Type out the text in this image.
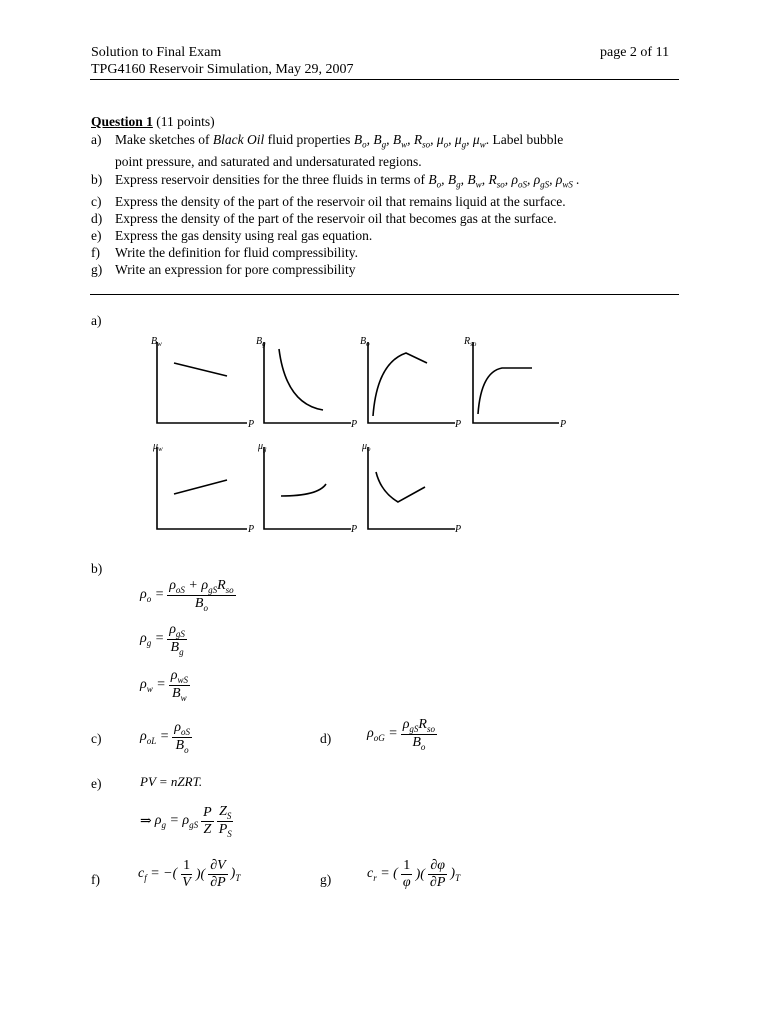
Solution to Final Exam
TPG4160 Reservoir Simulation, May 29, 2007
page 2 of 11
Question 1 (11 points)
a) Make sketches of Black Oil fluid properties $B_o$, $B_g$, $B_w$, $R_{so}$, $\mu_o$, $\mu_g$, $\mu_w$. Label bubble
point pressure, and saturated and undersaturated regions.
b) Express reservoir densities for the three fluids in terms of $B_o$, $B_g$, $B_w$, $R_{so}$, $\rho_{oS}$, $\rho_{gS}$, $\rho_{wS}$ .
c) Express the density of the part of the reservoir oil that remains liquid at the surface.
d) Express the density of the part of the reservoir oil that becomes gas at the surface.
e) Express the gas density using real gas equation.
f) Write the definition for fluid compressibility.
g) Write an expression for pore compressibility
a)
$B_w$	$B_g$	$B_o$	$R_{so}$
P	P	P	P
$\mu_w$	$\mu_g$	$\mu_o$
P	P	P
b)
$\rho_o = \frac{\rho_{oS} + \rho_{gS}R_{so}}{B_o}$
$\rho_g = \frac{\rho_{gS}}{B_g}$
$\rho_w = \frac{\rho_{wS}}{B_w}$
c)	$\rho_{oL} = \frac{\rho_{oS}}{B_o}$	d)	$\rho_{oG} = \frac{\rho_{gS}R_{so}}{B_o}$
e)	PV = nZRT.
⇒ $\rho_g = \rho_{gS} \frac{P}{Z} \frac{Z_S}{P_S}$
f)	$c_f$ = −( $\frac{1}{V}$ )( $\frac{\partial V}{\partial P} )_T$	g)	$c_r$ = ( $\frac{1}{\varphi}$ )( $\frac{\partial\varphi}{\partial P} )_T$
